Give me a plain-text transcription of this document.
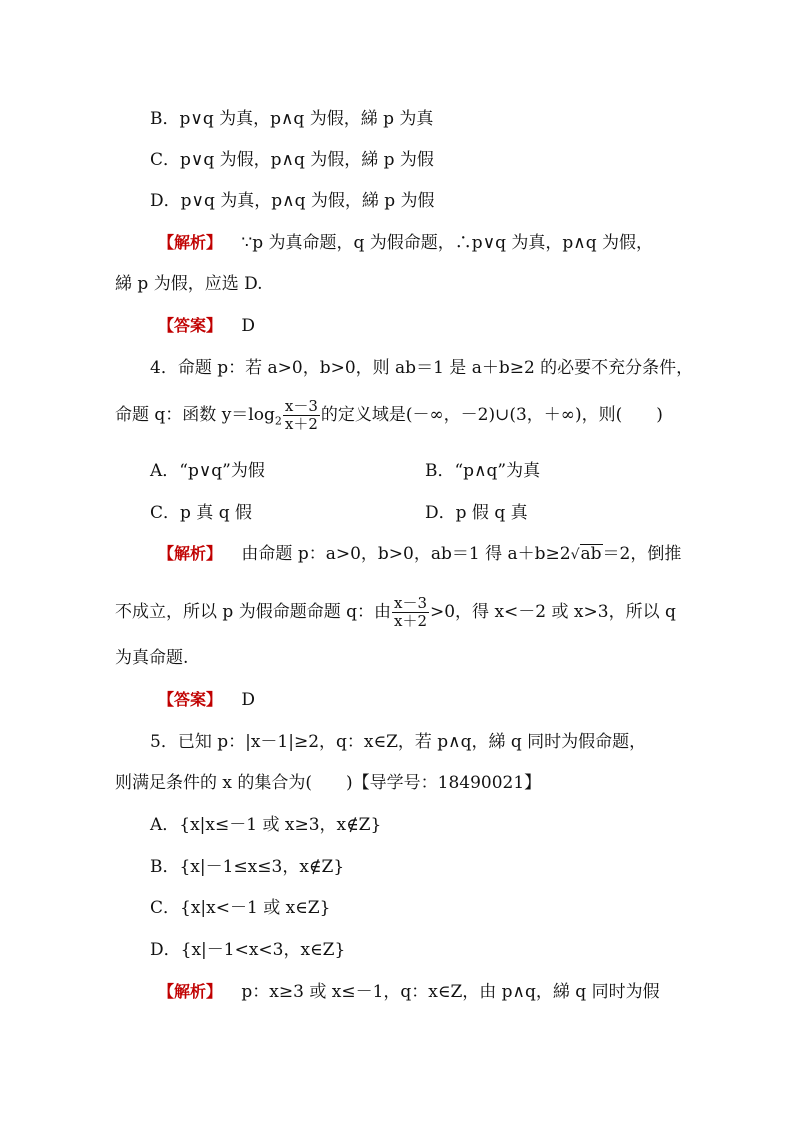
B．p∨q 为真，p∧q 为假，綈 p 为真
C．p∨q 为假，p∧q 为假，綈 p 为假
D．p∨q 为真，p∧q 为假，綈 p 为假
【解析】 ∵p 为真命题，q 为假命题，∴p∨q 为真，p∧q 为假，
綈 p 为假，应选 D.
【答案】 D
4．命题 p：若 a>0，b>0，则 ab＝1 是 a＋b≥2 的必要不充分条件，
命题 q：函数 $y=\log_2 \frac{x-3}{x+2}$ 的定义域是(－∞，－2)∪(3，＋∞)，则(　　)
A．“p∨q”为假	B．“p∧q”为真
C．p 真 q 假	D．p 假 q 真
【解析】 由命题 p：a>0，b>0，ab＝1 得 a＋b≥2√ab＝2，倒推
不成立，所以 p 为假命题命题 q：由 $\frac{x-3}{x+2} >0$，得 x<－2 或 x>3，所以 q
为真命题.
【答案】 D
5．已知 p：|x－1|≥2，q：x∈Z，若 p∧q，綈 q 同时为假命题，
则满足条件的 x 的集合为(　　)【导学号：18490021】
A．{x|x≤－1 或 x≥3，x∉Z}
B．{x|－1≤x≤3，x∉Z}
C．{x|x<－1 或 x∈Z}
D．{x|－1<x<3，x∈Z}
【解析】 p：x≥3 或 x≤－1，q：x∈Z，由 p∧q，綈 q 同时为假
